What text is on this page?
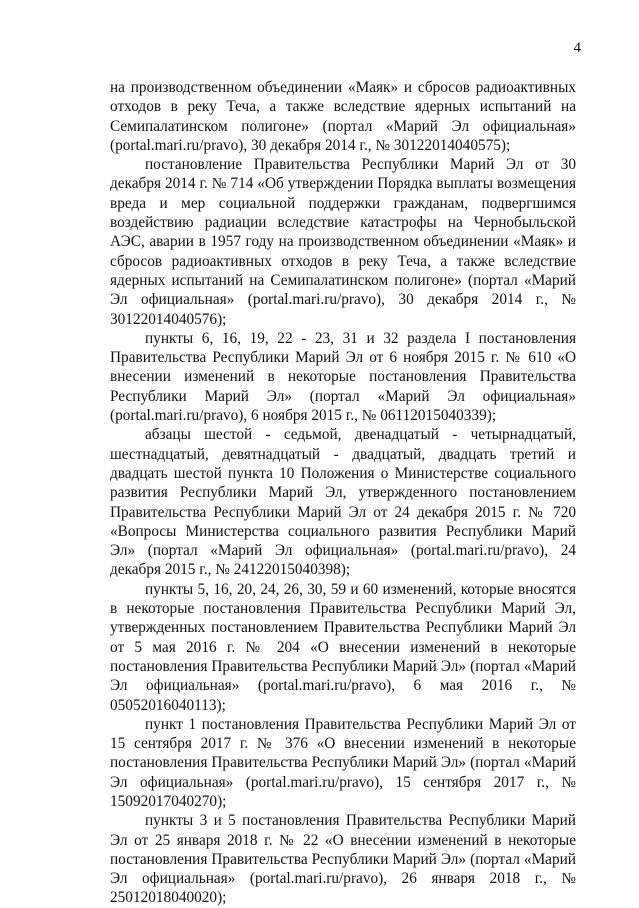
4

на производственном объединении «Маяк» и сбросов радиоактивных отходов в реку Теча, а также вследствие ядерных испытаний на Семипалатинском полигоне» (портал «Марий Эл официальная» (portal.mari.ru/pravo), 30 декабря 2014 г., № 30122014040575);

постановление Правительства Республики Марий Эл от 30 декабря 2014 г. № 714 «Об утверждении Порядка выплаты возмещения вреда и мер социальной поддержки гражданам, подвергшимся воздействию радиации вследствие катастрофы на Чернобыльской АЭС, аварии в 1957 году на производственном объединении «Маяк» и сбросов радиоактивных отходов в реку Теча, а также вследствие ядерных испытаний на Семипалатинском полигоне» (портал «Марий Эл официальная» (portal.mari.ru/pravo), 30 декабря 2014 г., № 30122014040576);

пункты 6, 16, 19, 22 - 23, 31 и 32 раздела I постановления Правительства Республики Марий Эл от 6 ноября 2015 г. № 610 «О внесении изменений в некоторые постановления Правительства Республики Марий Эл» (портал «Марий Эл официальная» (portal.mari.ru/pravo), 6 ноября 2015 г., № 06112015040339);

абзацы шестой - седьмой, двенадцатый - четырнадцатый, шестнадцатый, девятнадцатый - двадцатый, двадцать третий и двадцать шестой пункта 10 Положения о Министерстве социального развития Республики Марий Эл, утвержденного постановлением Правительства Республики Марий Эл от 24 декабря 2015 г. № 720 «Вопросы Министерства социального развития Республики Марий Эл» (портал «Марий Эл официальная» (portal.mari.ru/pravo), 24 декабря 2015 г., № 24122015040398);

пункты 5, 16, 20, 24, 26, 30, 59 и 60 изменений, которые вносятся в некоторые постановления Правительства Республики Марий Эл, утвержденных постановлением Правительства Республики Марий Эл от 5 мая 2016 г. № 204 «О внесении изменений в некоторые постановления Правительства Республики Марий Эл» (портал «Марий Эл официальная» (portal.mari.ru/pravo), 6 мая 2016 г., № 05052016040113);

пункт 1 постановления Правительства Республики Марий Эл от 15 сентября 2017 г. № 376 «О внесении изменений в некоторые постановления Правительства Республики Марий Эл» (портал «Марий Эл официальная» (portal.mari.ru/pravo), 15 сентября 2017 г., № 15092017040270);

пункты 3 и 5 постановления Правительства Республики Марий Эл от 25 января 2018 г. № 22 «О внесении изменений в некоторые постановления Правительства Республики Марий Эл» (портал «Марий Эл официальная» (portal.mari.ru/pravo), 26 января 2018 г., № 25012018040020);
